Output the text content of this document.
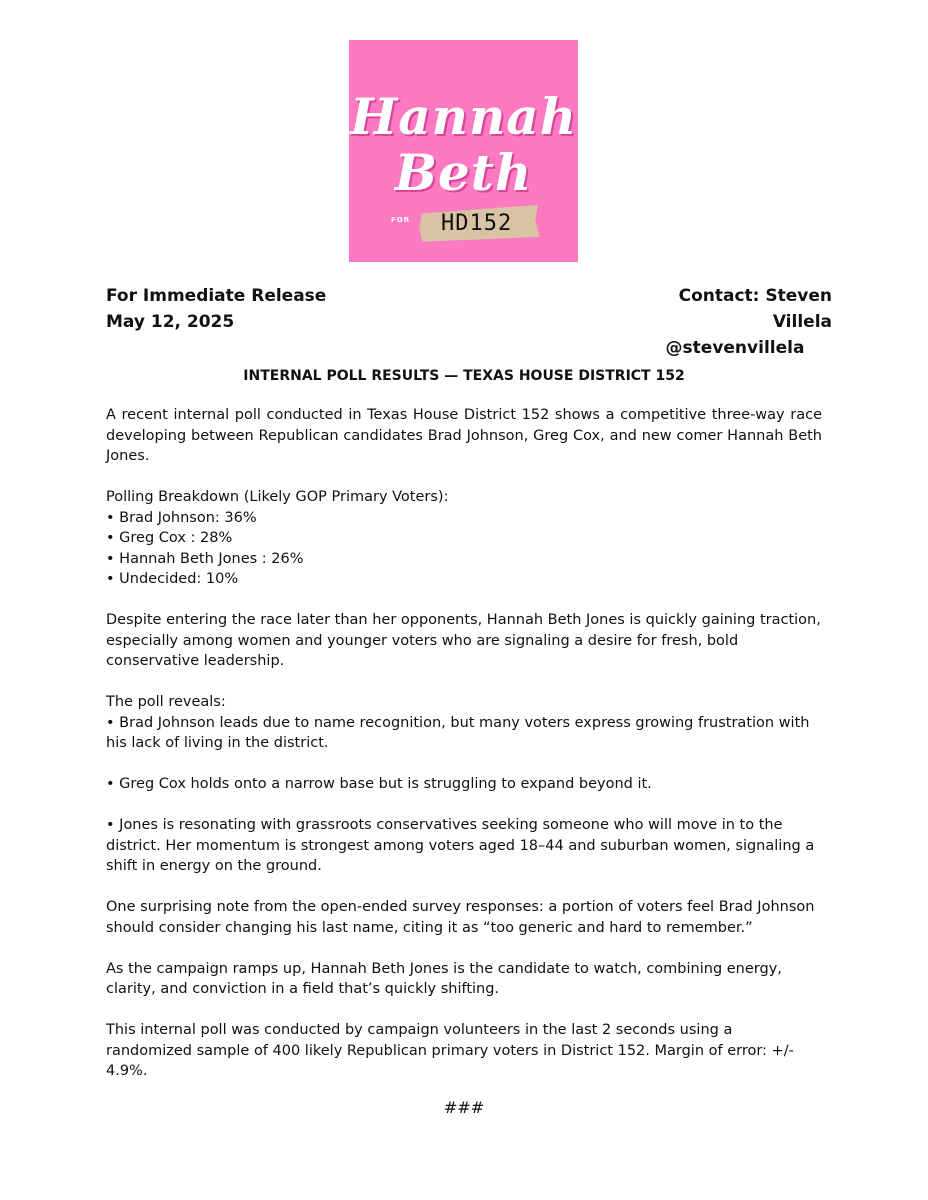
Hannah
Beth
FOR HD152
For Immediate Release
May 12, 2025
Contact: Steven Villela
@stevenvillela
INTERNAL POLL RESULTS — TEXAS HOUSE DISTRICT 152

A recent internal poll conducted in Texas House District 152 shows a competitive three-way race developing between Republican candidates Brad Johnson, Greg Cox, and new comer Hannah Beth Jones.

Polling Breakdown (Likely GOP Primary Voters):
• Brad Johnson: 36%
• Greg Cox : 28%
• Hannah Beth Jones : 26%
• Undecided: 10%

Despite entering the race later than her opponents, Hannah Beth Jones is quickly gaining traction, especially among women and younger voters who are signaling a desire for fresh, bold conservative leadership.

The poll reveals:
• Brad Johnson leads due to name recognition, but many voters express growing frustration with his lack of living in the district.

• Greg Cox holds onto a narrow base but is struggling to expand beyond it.

• Jones is resonating with grassroots conservatives seeking someone who will move in to the district. Her momentum is strongest among voters aged 18–44 and suburban women, signaling a shift in energy on the ground.

One surprising note from the open-ended survey responses: a portion of voters feel Brad Johnson should consider changing his last name, citing it as “too generic and hard to remember.”

As the campaign ramps up, Hannah Beth Jones is the candidate to watch, combining energy, clarity, and conviction in a field that’s quickly shifting.

This internal poll was conducted by campaign volunteers in the last 2 seconds using a randomized sample of 400 likely Republican primary voters in District 152. Margin of error: +/- 4.9%.

###
